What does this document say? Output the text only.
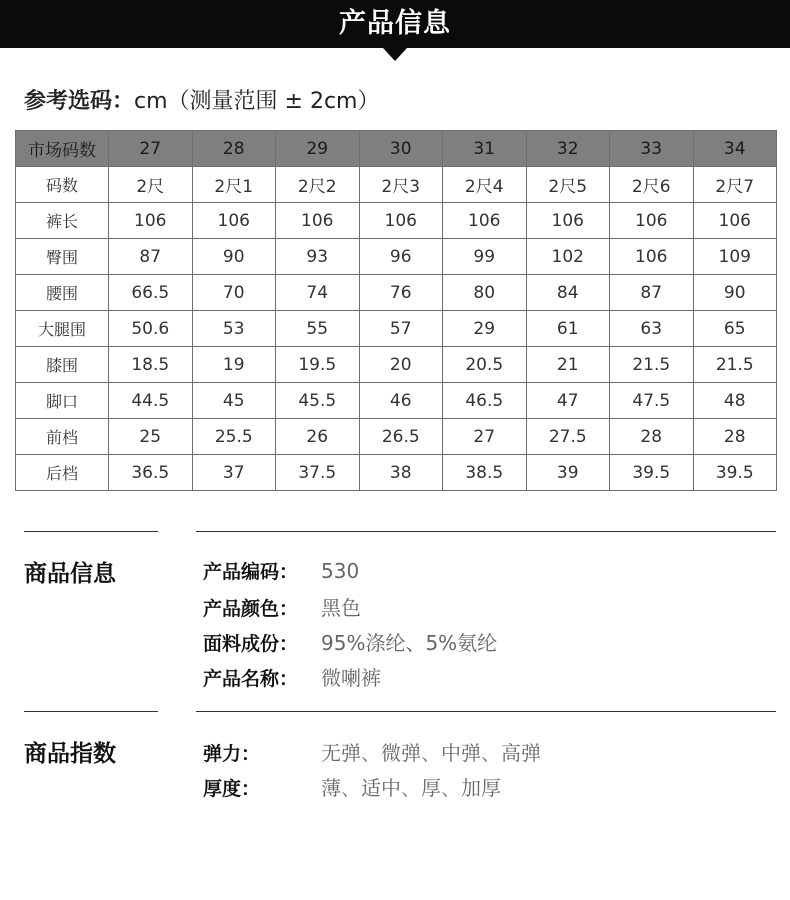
产品信息
参考选码：cm（测量范围 ± 2cm）
市场码数	27	28	29	30	31	32	33	34
码数	2尺	2尺1	2尺2	2尺3	2尺4	2尺5	2尺6	2尺7
裤长	106	106	106	106	106	106	106	106
臀围	87	90	93	96	99	102	106	109
腰围	66.5	70	74	76	80	84	87	90
大腿围	50.6	53	55	57	29	61	63	65
膝围	18.5	19	19.5	20	20.5	21	21.5	21.5
脚口	44.5	45	45.5	46	46.5	47	47.5	48
前档	25	25.5	26	26.5	27	27.5	28	28
后档	36.5	37	37.5	38	38.5	39	39.5	39.5
商品信息	产品编码： 530
产品颜色： 黑色
面料成份： 95%涤纶、5%氨纶
产品名称： 微喇裤
商品指数	弹力：	无弹、微弹、中弹、高弹
厚度：	薄、适中、厚、加厚
